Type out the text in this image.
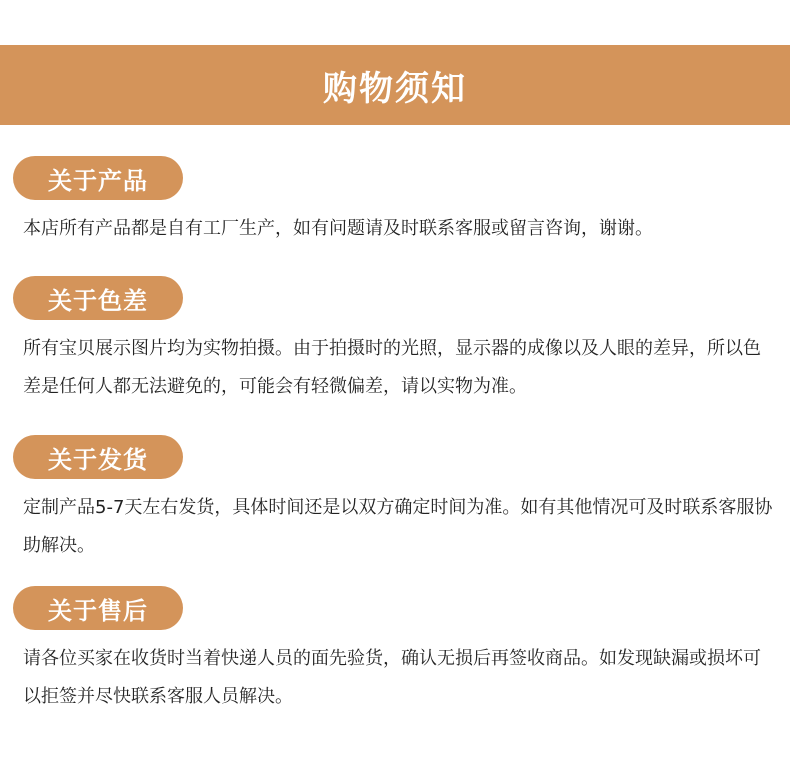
购物须知
关于产品

本店所有产品都是自有工厂生产，如有问题请及时联系客服或留言咨询，谢谢。

关于色差

所有宝贝展示图片均为实物拍摄。由于拍摄时的光照，显示器的成像以及人眼的差异，所以色差是任何人都无法避免的，可能会有轻微偏差，请以实物为准。

关于发货

定制产品5-7天左右发货，具体时间还是以双方确定时间为准。如有其他情况可及时联系客服协助解决。

关于售后

请各位买家在收货时当着快递人员的面先验货，确认无损后再签收商品。如发现缺漏或损坏可以拒签并尽快联系客服人员解决。
